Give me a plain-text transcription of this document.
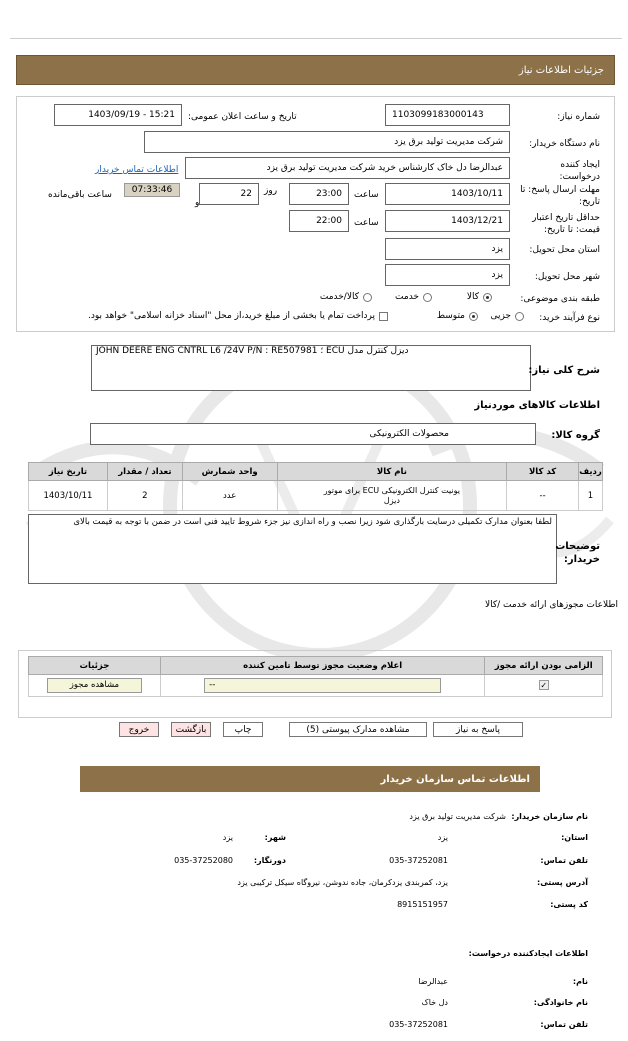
جزئیات اطلاعات نیاز
شماره نیاز:
1103099183000143
تاریخ و ساعت اعلان عمومی:
1403/09/19 - 15:21
نام دستگاه خریدار:
شرکت مدیریت تولید برق یزد
ایجاد کننده درخواست:
عبدالرضا دل خاک کارشناس خرید شرکت مدیریت تولید برق یزد
اطلاعات تماس خریدار
مهلت ارسال پاسخ: تا تاریخ:
1403/10/11
ساعت
23:00
روز
22
و
07:33:46
ساعت باقی‌مانده
حداقل تاریخ اعتبار قیمت: تا تاریخ:
1403/12/21
ساعت
22:00
استان محل تحویل:
یزد
شهر محل تحویل:
یزد
طبقه بندی موضوعی:
کالا
خدمت
کالا/خدمت
نوع فرآیند خرید:
جزیی
متوسط
پرداخت تمام یا بخشی از مبلغ خرید،از محل "اسناد خزانه اسلامی" خواهد بود.
JOHN DEERE ENG CNTRL L6 /24V P/N : RE507981 ؛ ECU دیزل کنترل مدل
شرح کلی نیاز:
اطلاعات کالاهای موردنیاز
گروه کالا:
محصولات الکترونیکی
ردیف	کد کالا	نام کالا	واحد شمارش	تعداد / مقدار	تاریخ نیاز
1	--	یونیت کنترل الکترونیکی ECU برای موتور دیزل	عدد	2	1403/10/11
لطفا بعنوان مدارک تکمیلی درسایت بارگذاری شود زیرا نصب و راه اندازی نیز جزء شروط تایید فنی است در ضمن با توجه به قیمت بالای
توضیحات خریدار:
اطلاعات مجوزهای ارائه خدمت /کالا
الزامی بودن ارائه مجوز	اعلام وضعیت مجوز توسط تامین کننده	جزئیات
✓	--	مشاهده مجوز
پاسخ به نیاز
مشاهده مدارک پیوستی (5)
چاپ
بازگشت
خروج
اطلاعات تماس سازمان خریدار
نام سازمان خریدار:
شرکت مدیریت تولید برق یزد
استان:
یزد
شهر:
یزد
تلفن تماس:
035-37252081
دورنگار:
035-37252080
آدرس پستی:
یزد، کمربندی یزدکرمان، جاده ندوشن، نیروگاه سیکل ترکیبی یزد
کد پستی:
8915151957
اطلاعات ایجادکننده درخواست:
نام:
عبدالرضا
نام خانوادگی:
دل خاک
تلفن تماس:
035-37252081
